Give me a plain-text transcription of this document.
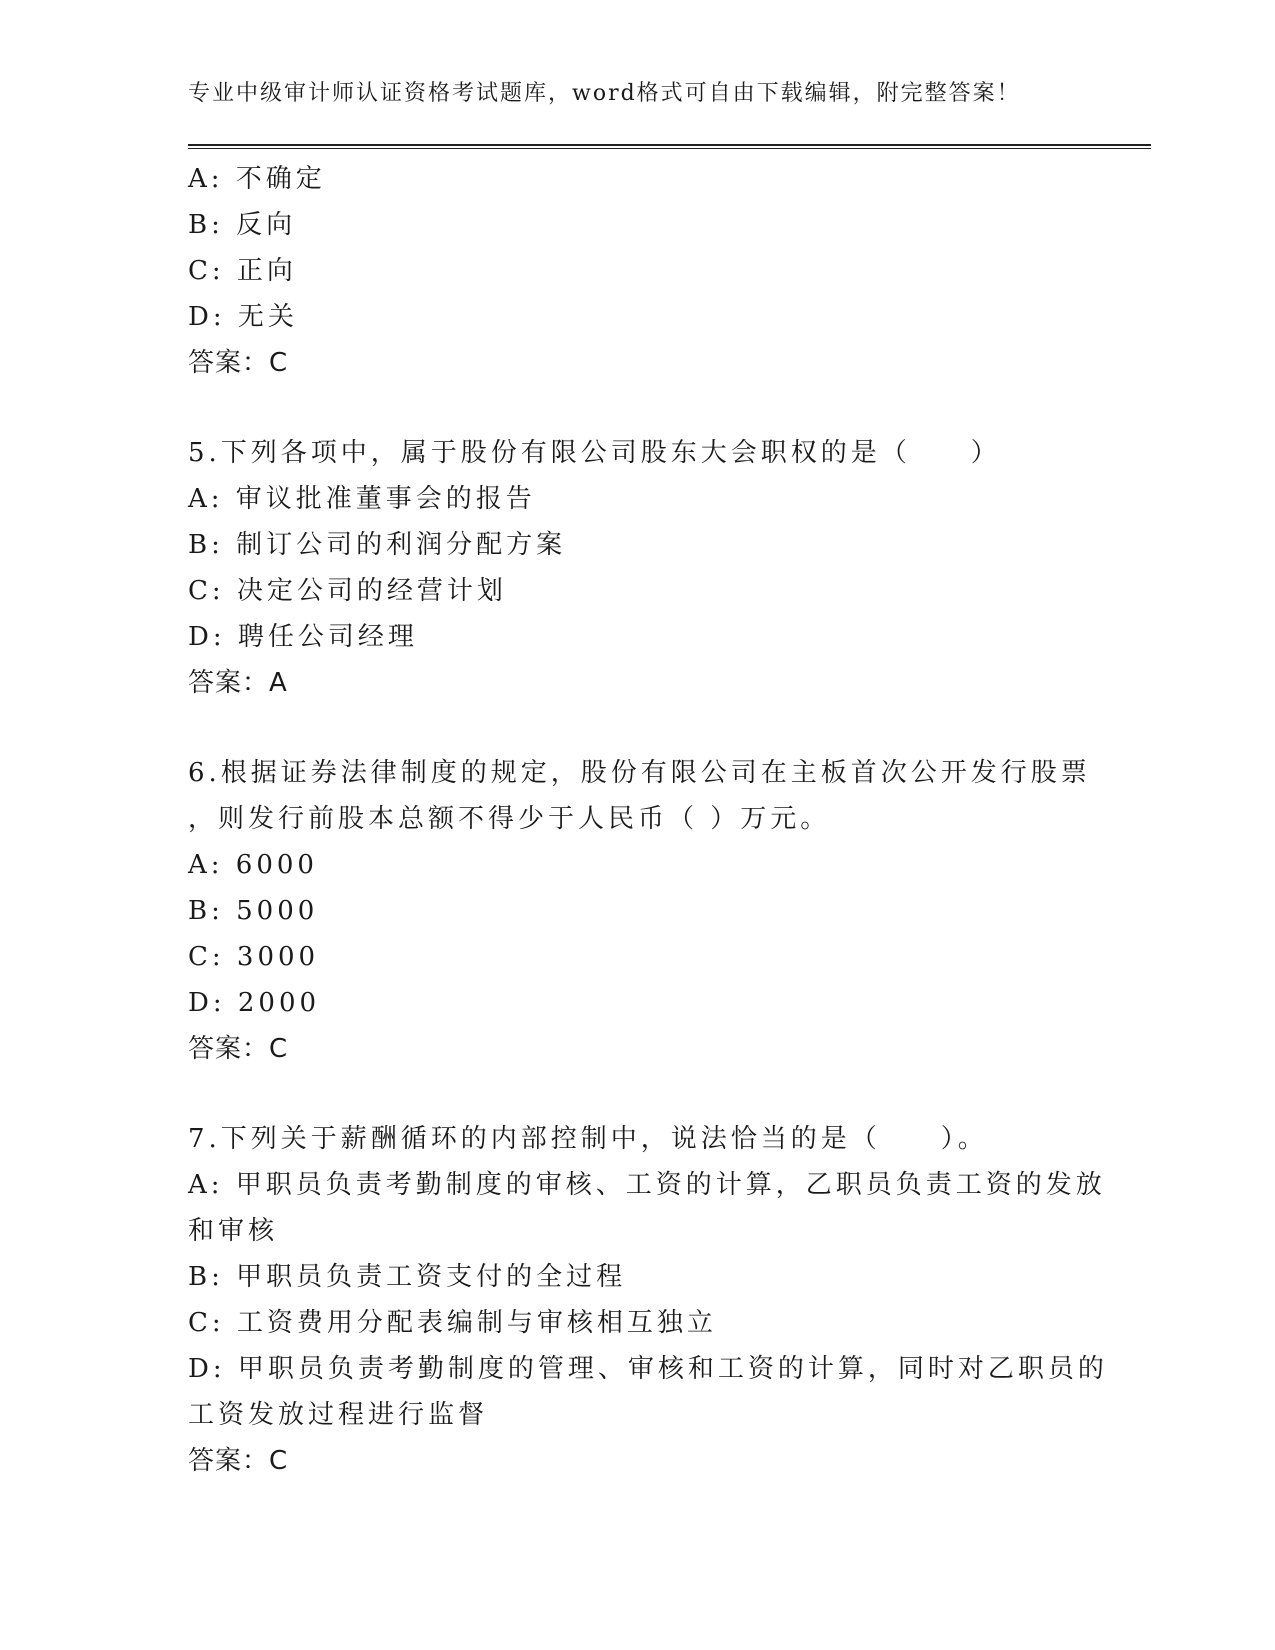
专业中级审计师认证资格考试题库，word格式可自由下载编辑，附完整答案！
A: 不确定
B: 反向
C: 正向
D: 无关
答案：C
5.下列各项中，属于股份有限公司股东大会职权的是（　　）
A: 审议批准董事会的报告
B: 制订公司的利润分配方案
C: 决定公司的经营计划
D: 聘任公司经理
答案：A
6.根据证券法律制度的规定，股份有限公司在主板首次公开发行股票
，则发行前股本总额不得少于人民币（ ）万元。
A: 6000
B: 5000
C: 3000
D: 2000
答案：C
7.下列关于薪酬循环的内部控制中，说法恰当的是（　　）。
A: 甲职员负责考勤制度的审核、工资的计算，乙职员负责工资的发放
和审核
B: 甲职员负责工资支付的全过程
C: 工资费用分配表编制与审核相互独立
D: 甲职员负责考勤制度的管理、审核和工资的计算，同时对乙职员的
工资发放过程进行监督
答案：C
